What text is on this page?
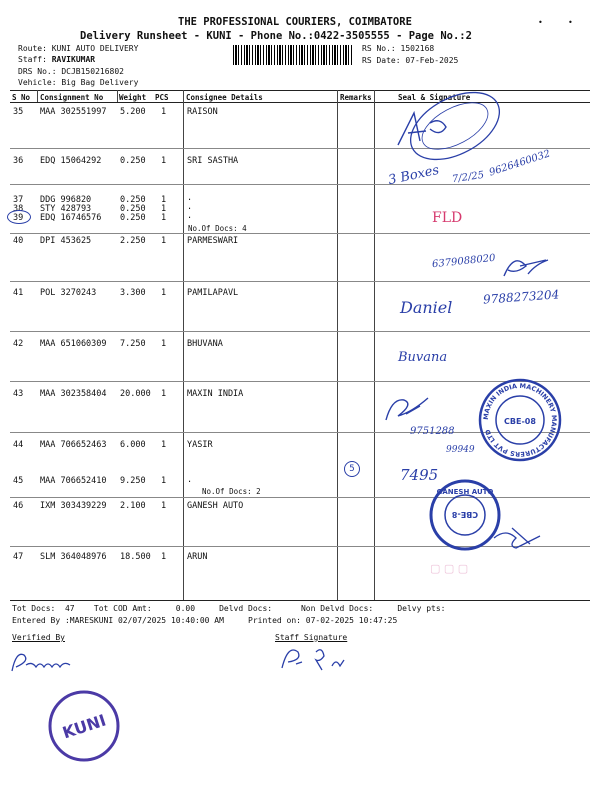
THE PROFESSIONAL COURIERS, COIMBATORE
Delivery Runsheet - KUNI - Phone No.:0422-3505555 - Page No.:2
Route: KUNI AUTO DELIVERY
Staff: RAVIKUMAR
DRS No.: DCJB150216802
Vehicle: Big Bag Delivery
RS No.: 1502168
RS Date: 07-Feb-2025
•	•
S No Consignment No Weight PCS Consignee Details	Remarks	Seal & Signature
35 MAA 302551997 5.200 1 RAISON
36 EDQ 15064292 0.250 1 SRI SASTHA
37 DDG 996820	0.250 1 .
38 STY 428793	0.250 1 .
39 EDQ 16746576 0.250 1 .
No.Of Docs: 4
40 DPI 453625	2.250 1 PARMESWARI
41 POL 3270243	3.300 1 PAMILAPAVL
42 MAA 651060309 7.250 1 BHUVANA
43 MAA 302358404 20.000 1 MAXIN INDIA
44 MAA 706652463 6.000 1 YASIR
45 MAA 706652410 9.250 1 .
No.Of Docs: 2
46 IXM 303439229 2.100 1 GANESH AUTO
47 SLM 364048976 18.500 1 ARUN
Tot Docs:  47    Tot COD Amt:     0.00     Delvd Docs:      Non Delvd Docs:     Delvy pts:
Entered By :MARESKUNI 02/07/2025 10:40:00 AM     Printed on: 07-02-2025 10:47:25
Verified By	Staff Signature
3 Boxes 7/2/25 9626460032
FLD
6379088020
Daniel
9788273204
Buvana
9751288
99949
7495
5
MAXIN INDIA MACHINERY MANUFACTURERS PVT LTD
CBE-08
GANESH AUTO
CBE-8
▢ ▢ ▢
KUNI
